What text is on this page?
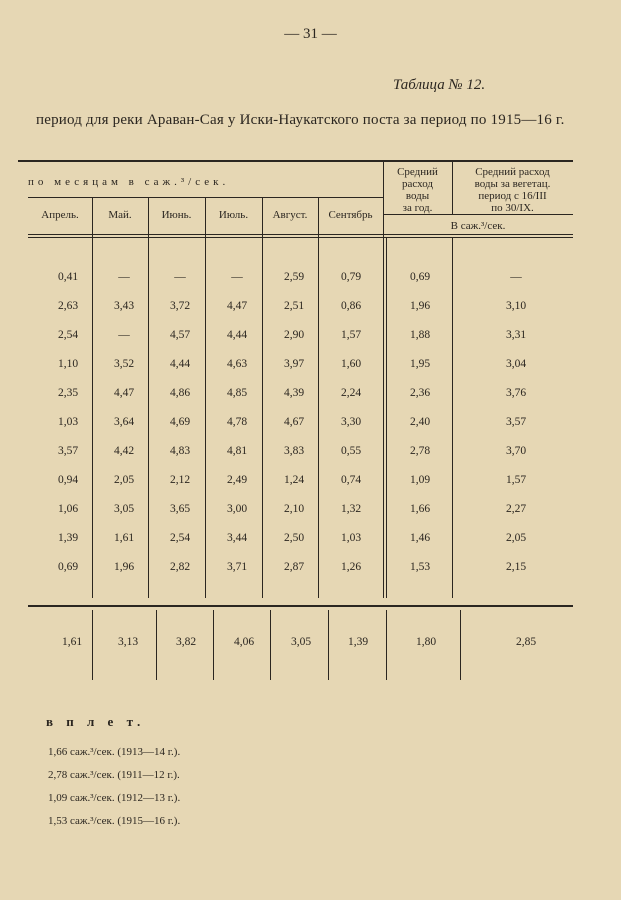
— 31 —
Таблица № 12.
период для реки Араван-Сая у Иски-Наукатского поста за период по 1915—16 г.
по месяцам в саж.³/сек.
Апрель.	Май.	Июнь.	Июль.	Август.	Сентябрь
Средний
расход
воды
за год.
Средний расход
воды за вегетац.
период с 16/III
по 30/IX.
В саж.³/сек.
0,41	—	—	—	2,59	0,79	0,69	—
2,63	3,43	3,72	4,47	2,51	0,86	1,96	3,10
2,54	—	4,57	4,44	2,90	1,57	1,88	3,31
1,10	3,52	4,44	4,63	3,97	1,60	1,95	3,04
2,35	4,47	4,86	4,85	4,39	2,24	2,36	3,76
1,03	3,64	4,69	4,78	4,67	3,30	2,40	3,57
3,57	4,42	4,83	4,81	3,83	0,55	2,78	3,70
0,94	2,05	2,12	2,49	1,24	0,74	1,09	1,57
1,06	3,05	3,65	3,00	2,10	1,32	1,66	2,27
1,39	1,61	2,54	3,44	2,50	1,03	1,46	2,05
0,69	1,96	2,82	3,71	2,87	1,26	1,53	2,15
1,61	3,13	3,82	4,06	3,05	1,39	1,80	2,85
в п л е т.
1,66 саж.³/сек. (1913—14 г.).
2,78 саж.³/сек. (1911—12 г.).
1,09 саж.³/сек. (1912—13 г.).
1,53 саж.³/сек. (1915—16 г.).
